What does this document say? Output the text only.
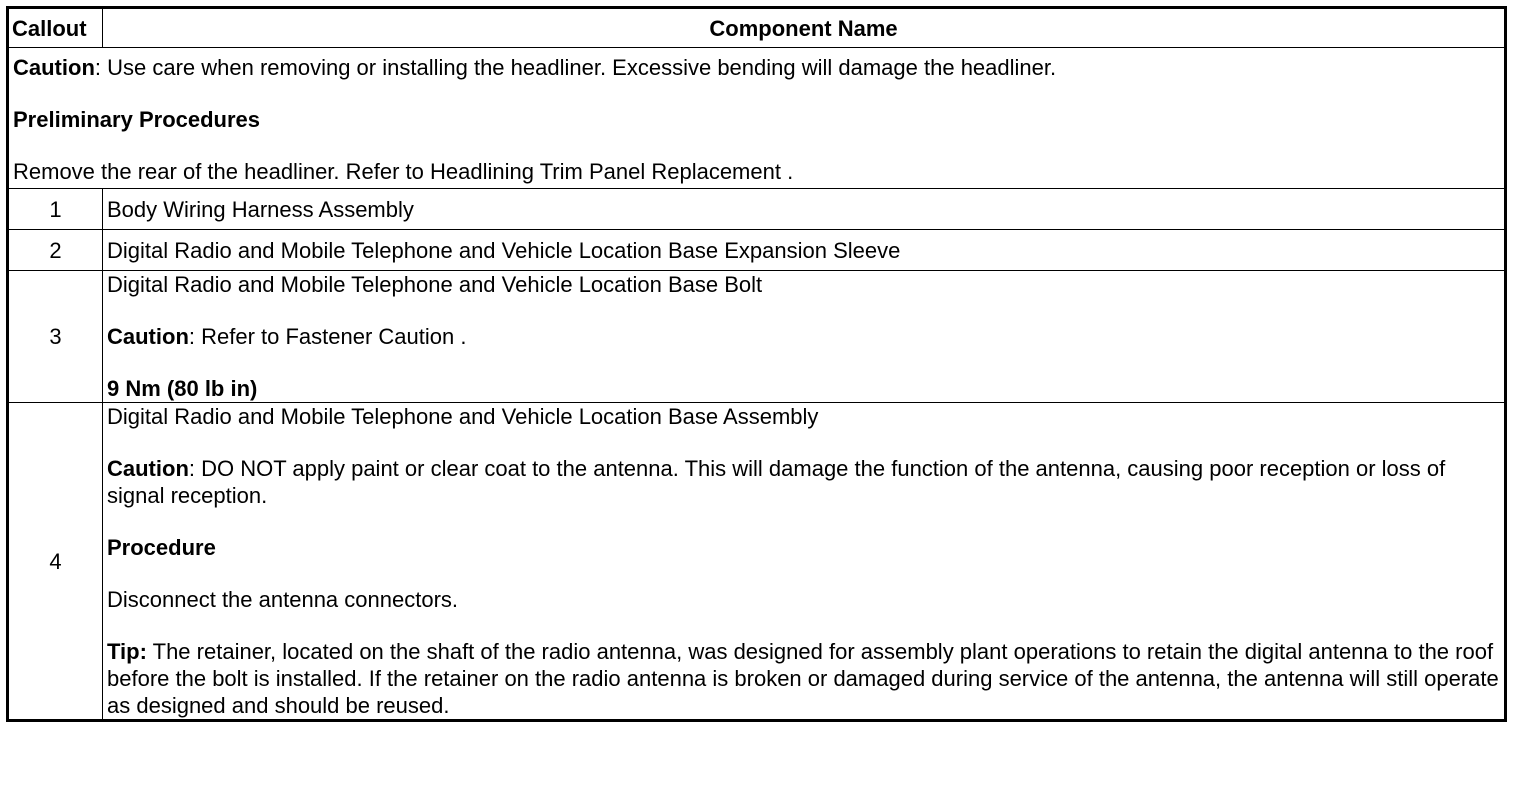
Callout	Component Name

Caution: Use care when removing or installing the headliner. Excessive bending will damage the headliner.

Preliminary Procedures

Remove the rear of the headliner. Refer to Headlining Trim Panel Replacement .	

1	Body Wiring Harness Assembly
2	Digital Radio and Mobile Telephone and Vehicle Location Base Expansion Sleeve
3	Digital Radio and Mobile Telephone and Vehicle Location Base Bolt

Caution: Refer to Fastener Caution .

9 Nm (80 lb in)

4	Digital Radio and Mobile Telephone and Vehicle Location Base Assembly

Caution: DO NOT apply paint or clear coat to the antenna. This will damage the function of the antenna, causing poor reception or loss of signal reception.

Procedure

Disconnect the antenna connectors.

Tip: The retainer, located on the shaft of the radio antenna, was designed for assembly plant operations to retain the digital antenna to the roof before the bolt is installed. If the retainer on the radio antenna is broken or damaged during service of the antenna, the antenna will still operate as designed and should be reused.
